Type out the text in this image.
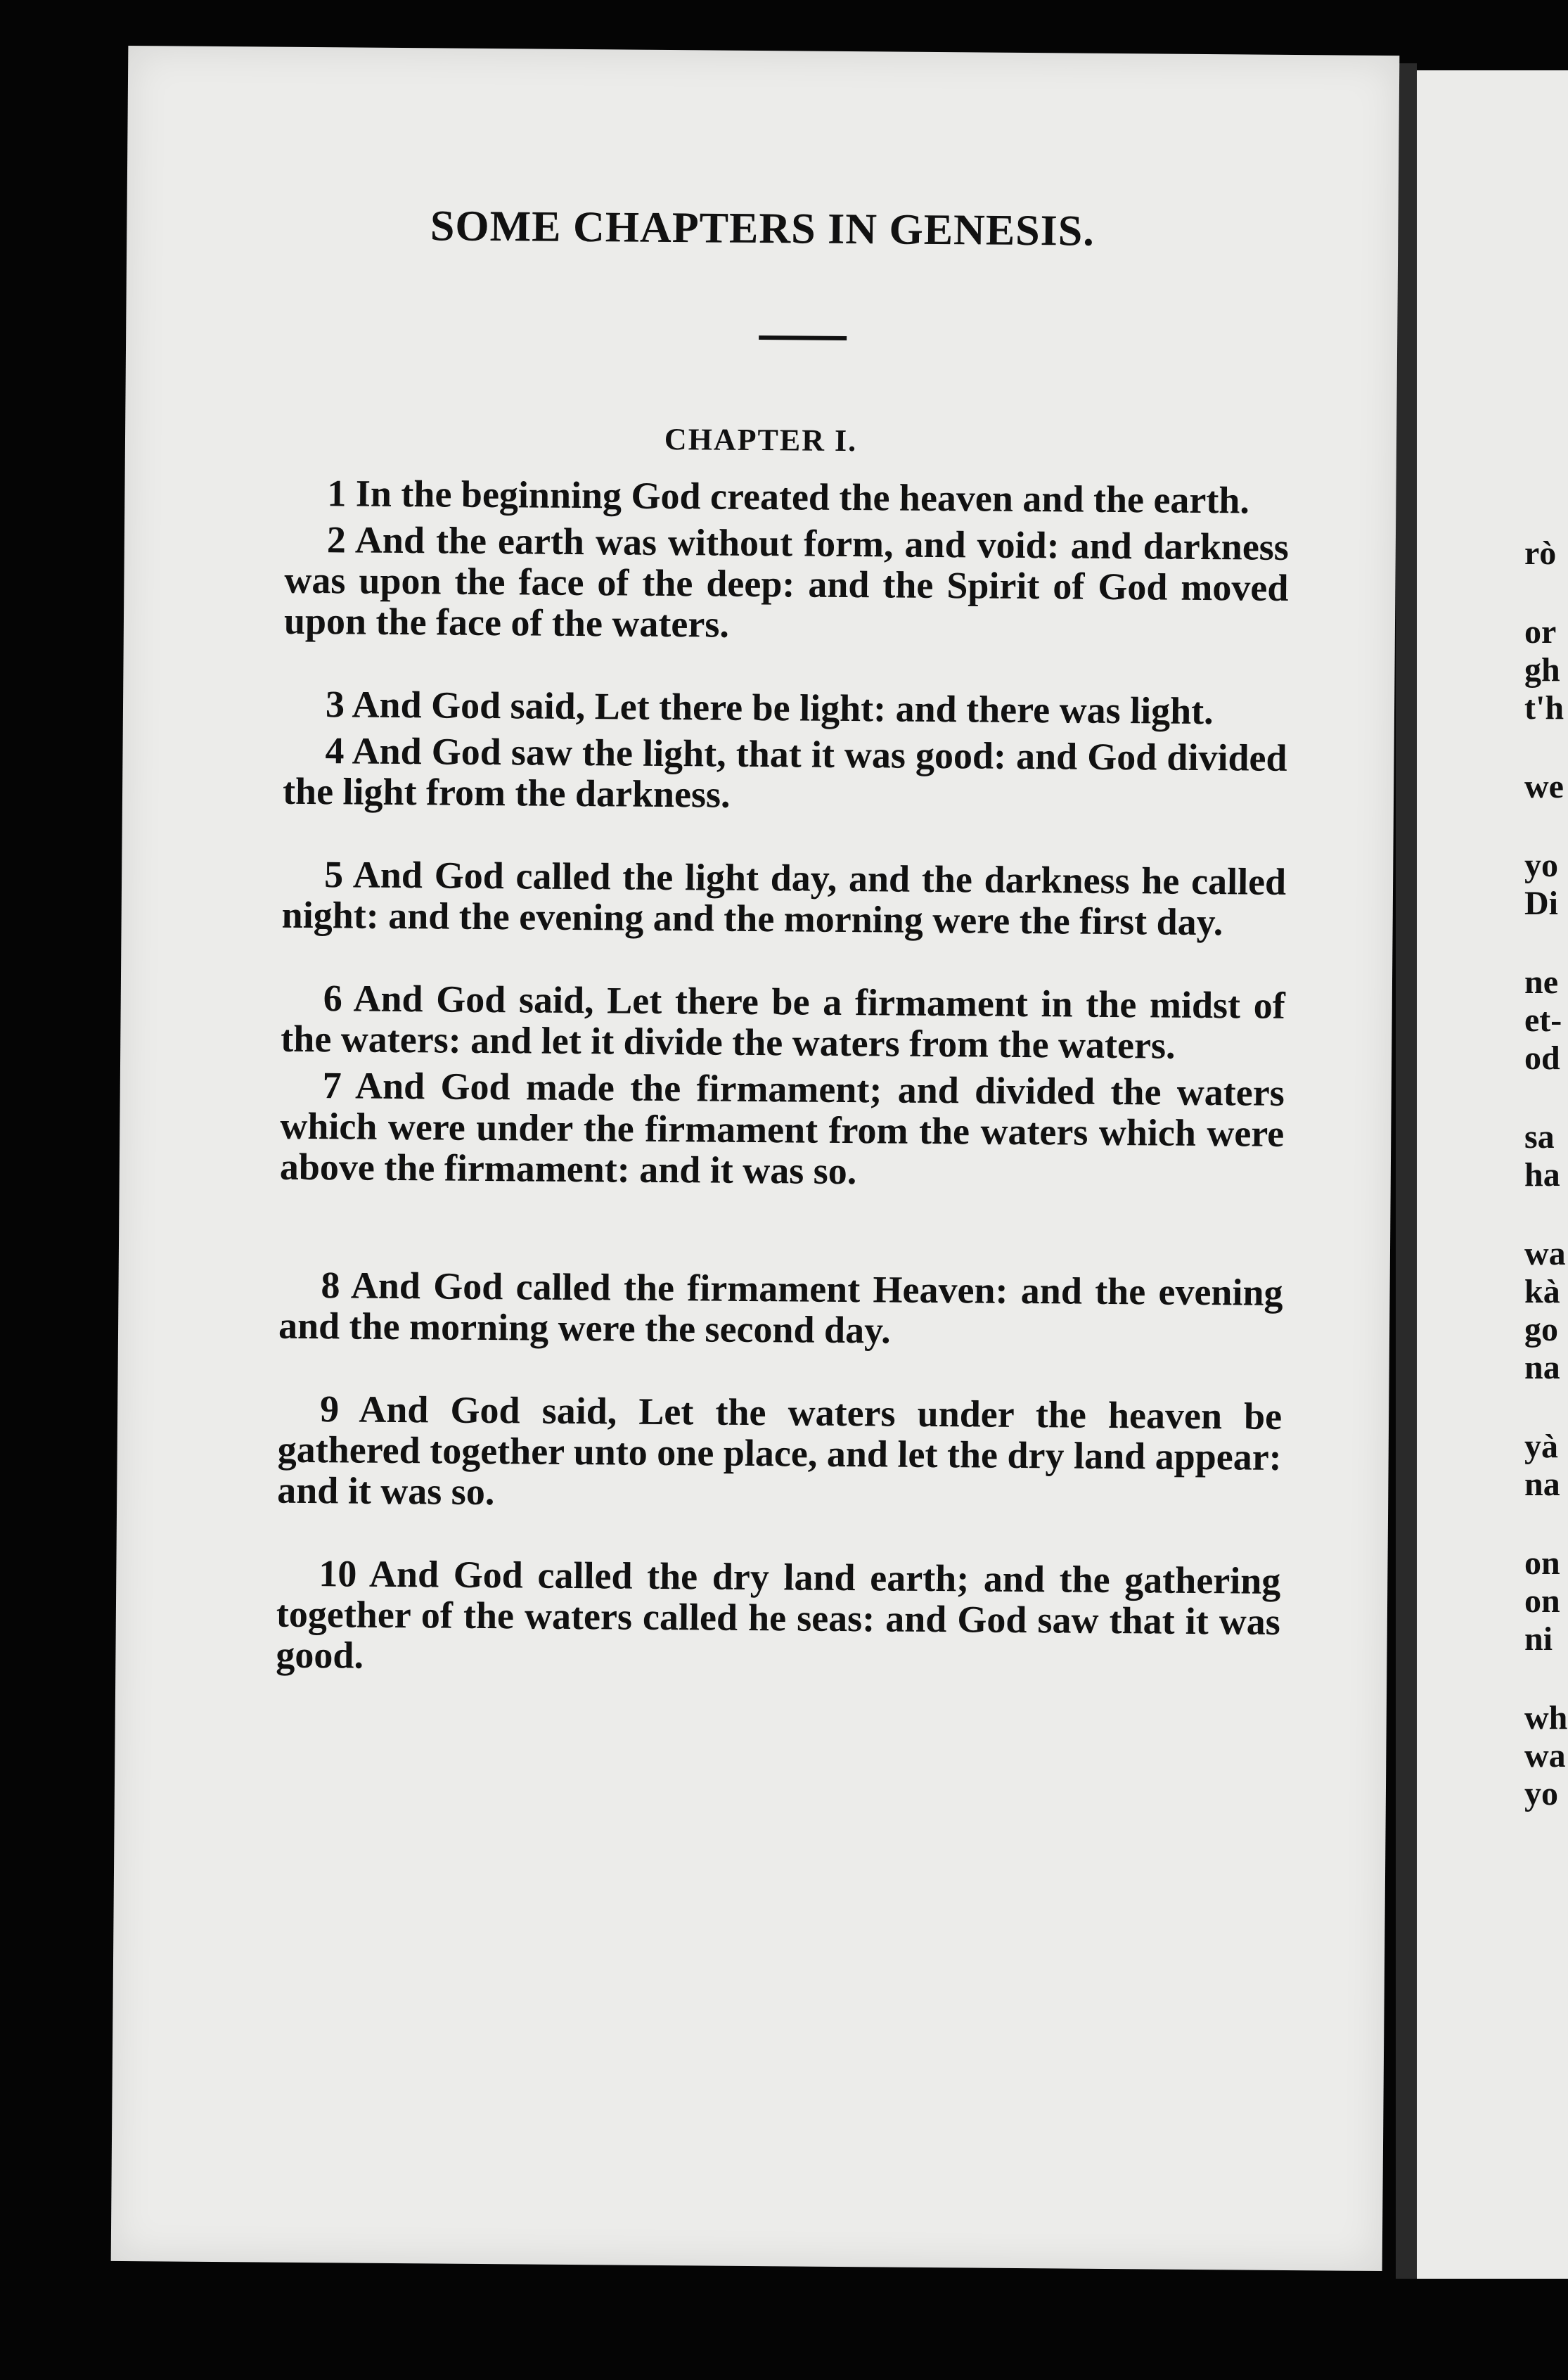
SOME CHAPTERS IN GENESIS.
CHAPTER I.

1 In the beginning God created the heaven and the earth.

2 And the earth was without form, and void: and darkness was upon the face of the deep: and the Spirit of God moved upon the face of the waters.

3 And God said, Let there be light: and there was light.

4 And God saw the light, that it was good: and God divided the light from the darkness.

5 And God called the light day, and the darkness he called night: and the evening and the morning were the first day.

6 And God said, Let there be a firmament in the midst of the waters: and let it divide the waters from the waters.

7 And God made the firmament; and divided the waters which were under the firmament from the waters which were above the firmament: and it was so.

8 And God called the firmament Heaven: and the evening and the morning were the second day.

9 And God said, Let the waters under the heaven be gathered together unto one place, and let the dry land appear: and it was so.

10 And God called the dry land earth; and the gathering together of the waters called he seas: and God saw that it was good.

rò
or
gh
t'h
we
yo
Di
ne
et-
od
sa
ha
wa
kà
go
na
yà
na
on
on
ni
wh
wa
yo
